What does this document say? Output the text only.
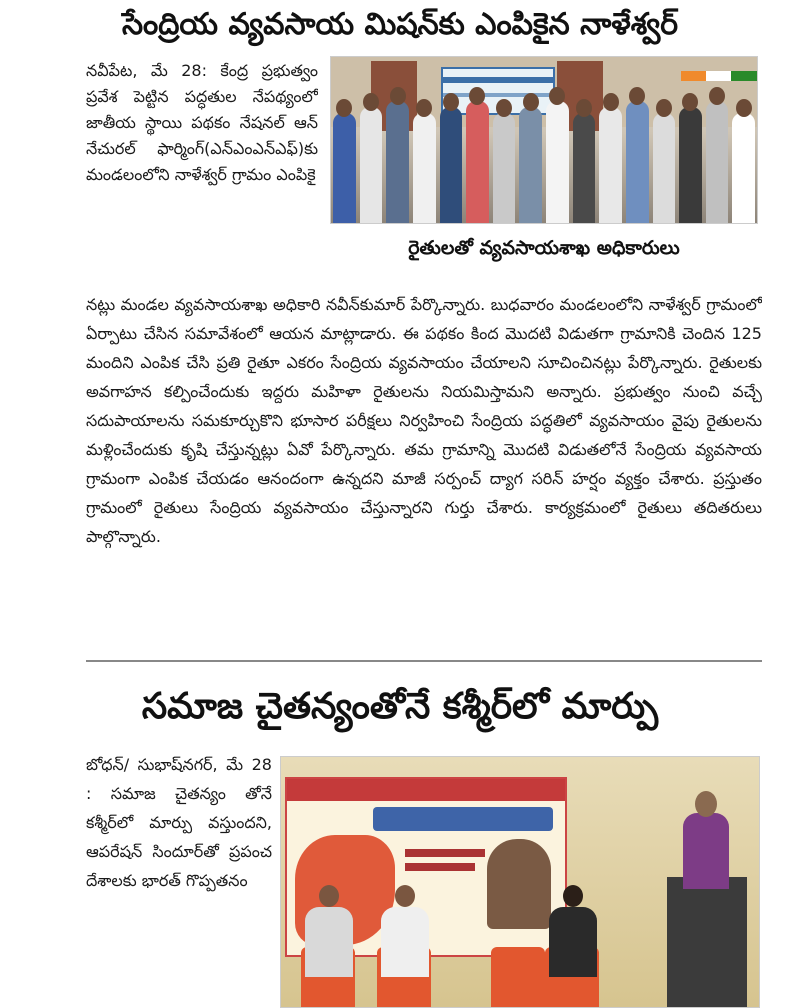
సేంద్రియ వ్యవసాయ మిషన్‌కు ఎంపికైన నాళేశ్వర్
నవీపేట, మే 28: కేంద్ర ప్రభుత్వం ప్రవేశ పెట్టిన పద్ధతుల నేపథ్యంలో జాతీయ స్థాయి పథకం నేషనల్ ఆన్ నేచురల్ ఫార్మింగ్(ఎన్‌ఎంఎన్‌ఎఫ్)కు మండలంలోని నాళేశ్వర్ గ్రామం ఎంపికై
రైతులతో వ్యవసాయశాఖ అధికారులు
నట్లు మండల వ్యవసాయశాఖ అధికారి నవీన్‌కుమార్ పేర్కొన్నారు. బుధవారం మండలంలోని నాళేశ్వర్ గ్రామంలో ఏర్పాటు చేసిన సమావేశంలో ఆయన మాట్లాడారు. ఈ పథకం కింద మొదటి విడుతగా గ్రామానికి చెందిన 125 మందిని ఎంపిక చేసి ప్రతి రైతూ ఎకరం సేంద్రియ వ్యవసాయం చేయాలని సూచించినట్లు పేర్కొన్నారు. రైతులకు అవగాహన కల్పించేందుకు ఇద్దరు మహిళా రైతులను నియమిస్తామని అన్నారు. ప్రభుత్వం నుంచి వచ్చే సదుపాయాలను సమకూర్చుకొని భూసార పరీక్షలు నిర్వహించి సేంద్రియ పద్ధతిలో వ్యవసాయం వైపు రైతులను మళ్లించేందుకు కృషి చేస్తున్నట్లు ఏవో పేర్కొన్నారు. తమ గ్రామాన్ని మొదటి విడుతలోనే సేంద్రియ వ్యవసాయ గ్రామంగా ఎంపిక చేయడం ఆనందంగా ఉన్నదని మాజీ సర్పంచ్ ద్యాగ సరిన్ హర్షం వ్యక్తం చేశారు. ప్రస్తుతం గ్రామంలో రైతులు సేంద్రియ వ్యవసాయం చేస్తున్నారని గుర్తు చేశారు. కార్యక్రమంలో రైతులు తదితరులు పాల్గొన్నారు.
సమాజ చైతన్యంతోనే కశ్మీర్‌లో మార్పు
బోధన్/ సుభాష్‌నగర్, మే 28 : సమాజ చైతన్యం తోనే కశ్మీర్‌లో మార్పు వస్తుందని, ఆపరేషన్ సిందూర్‌తో ప్రపంచ దేశాలకు భారత్ గొప్పతనం
